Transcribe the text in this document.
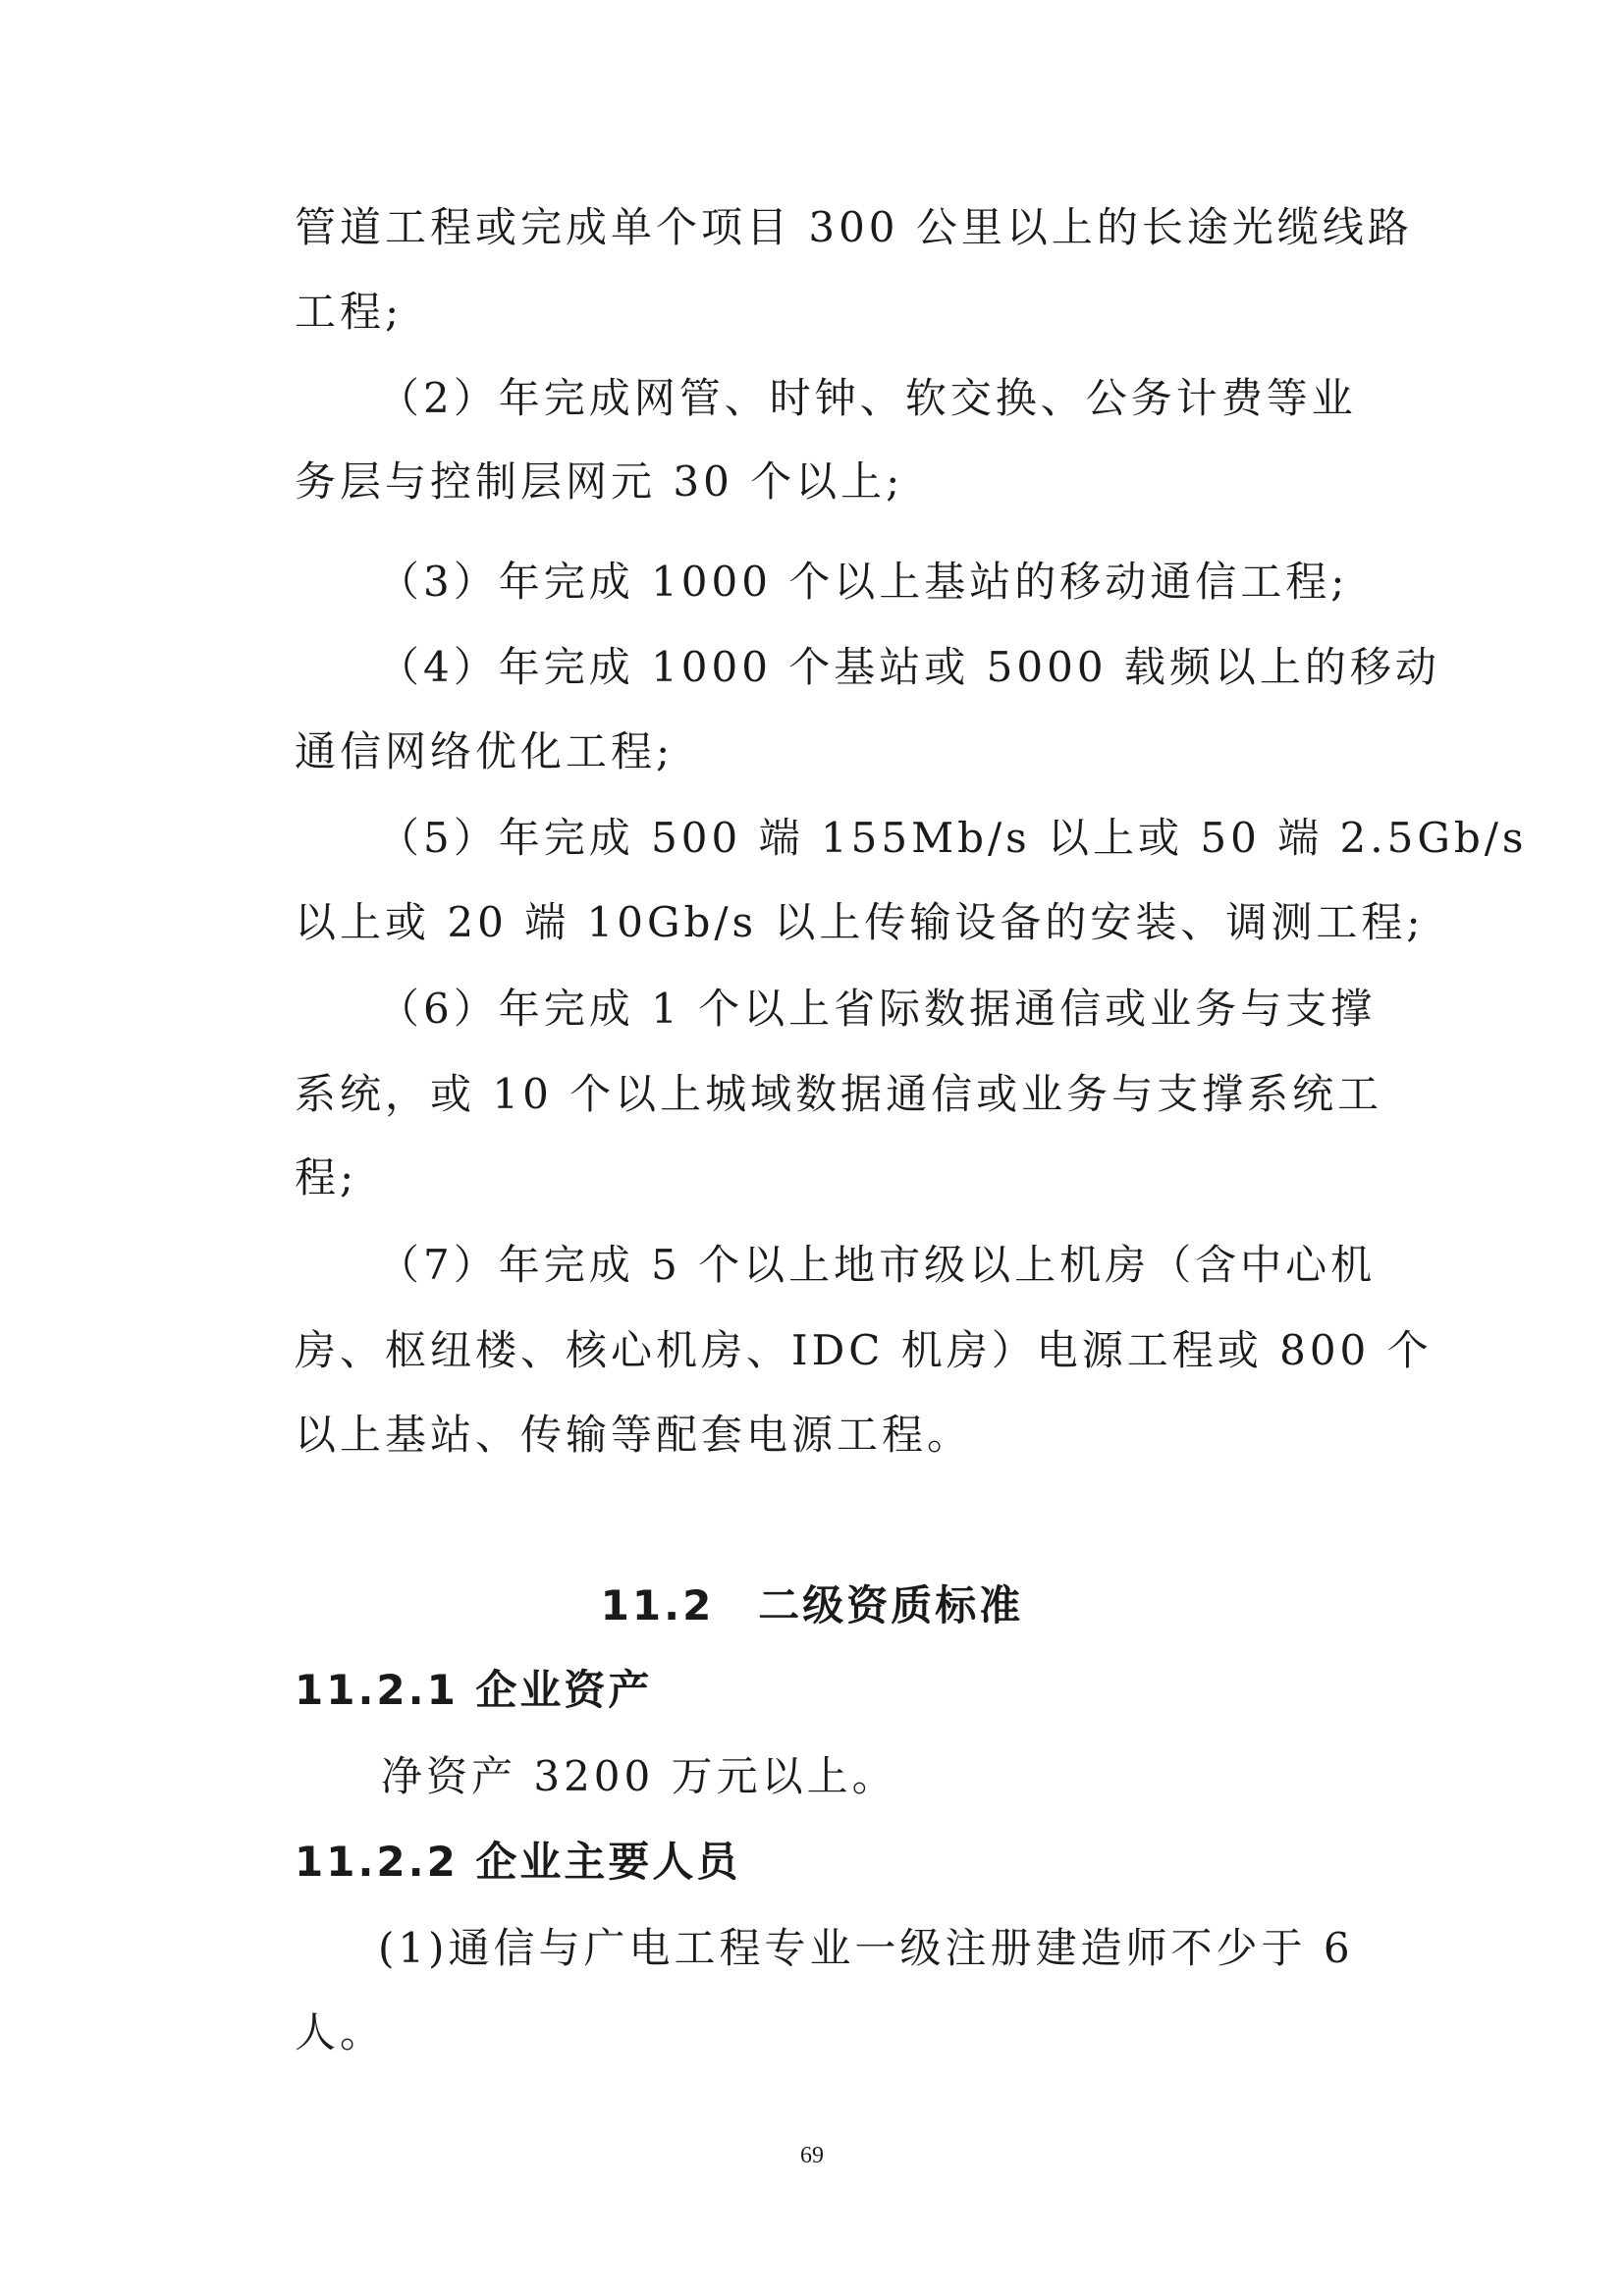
管道工程或完成单个项目 300 公里以上的长途光缆线路
工程;
（2）年完成网管、时钟、软交换、公务计费等业
务层与控制层网元 30 个以上;
（3）年完成 1000 个以上基站的移动通信工程;
（4）年完成 1000 个基站或 5000 载频以上的移动
通信网络优化工程;
（5）年完成 500 端 155Mb/s 以上或 50 端 2.5Gb/s
以上或 20 端 10Gb/s 以上传输设备的安装、调测工程;
（6）年完成 1 个以上省际数据通信或业务与支撑
系统，或 10 个以上城域数据通信或业务与支撑系统工
程;
（7）年完成 5 个以上地市级以上机房（含中心机
房、枢纽楼、核心机房、IDC 机房）电源工程或 800 个
以上基站、传输等配套电源工程。
11.2　二级资质标准
11.2.1 企业资产
净资产 3200 万元以上。
11.2.2 企业主要人员
(1)通信与广电工程专业一级注册建造师不少于 6
人。
69
